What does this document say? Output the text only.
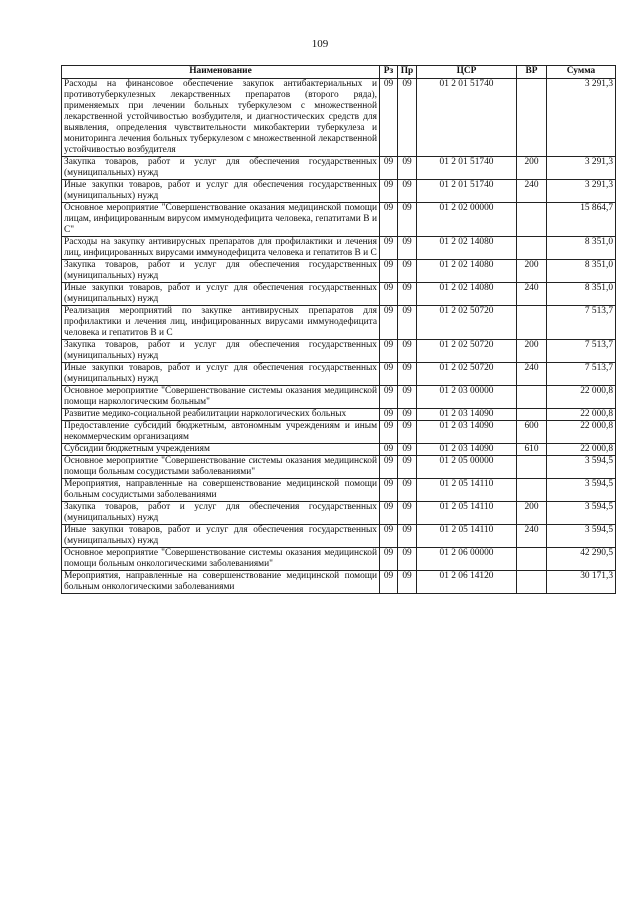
109
Наименование	Рз	Пр	ЦСР	ВР	Сумма
Расходы на финансовое обеспечение закупок антибактериальных и противотуберкулезных лекарственных препаратов (второго ряда), применяемых при лечении больных туберкулезом с множественной лекарственной устойчивостью возбудителя, и диагностических средств для выявления, определения чувствительности микобактерии туберкулеза и мониторинга лечения больных туберкулезом с множественной лекарственной устойчивостью возбудителя	09	09	01 2 01 51740		3 291,3
Закупка товаров, работ и услуг для обеспечения государственных (муниципальных) нужд	09	09	01 2 01 51740	200	3 291,3
Иные закупки товаров, работ и услуг для обеспечения государственных (муниципальных) нужд	09	09	01 2 01 51740	240	3 291,3
Основное мероприятие "Совершенствование оказания медицинской помощи лицам, инфицированным вирусом иммунодефицита человека, гепатитами B и C"	09	09	01 2 02 00000		15 864,7
Расходы на закупку антивирусных препаратов для профилактики и лечения лиц, инфицированных вирусами иммунодефицита человека и гепатитов B и C	09	09	01 2 02 14080		8 351,0
Закупка товаров, работ и услуг для обеспечения государственных (муниципальных) нужд	09	09	01 2 02 14080	200	8 351,0
Иные закупки товаров, работ и услуг для обеспечения государственных (муниципальных) нужд	09	09	01 2 02 14080	240	8 351,0
Реализация мероприятий по закупке антивирусных препаратов для профилактики и лечения лиц, инфицированных вирусами иммунодефицита человека и гепатитов B и C	09	09	01 2 02 50720		7 513,7
Закупка товаров, работ и услуг для обеспечения государственных (муниципальных) нужд	09	09	01 2 02 50720	200	7 513,7
Иные закупки товаров, работ и услуг для обеспечения государственных (муниципальных) нужд	09	09	01 2 02 50720	240	7 513,7
Основное мероприятие "Совершенствование системы оказания медицинской помощи наркологическим больным"	09	09	01 2 03 00000		22 000,8
Развитие медико-социальной реабилитации наркологических больных	09	09	01 2 03 14090		22 000,8
Предоставление субсидий бюджетным, автономным учреждениям и иным некоммерческим организациям	09	09	01 2 03 14090	600	22 000,8
Субсидии бюджетным учреждениям	09	09	01 2 03 14090	610	22 000,8
Основное мероприятие "Совершенствование системы оказания медицинской помощи больным сосудистыми заболеваниями"	09	09	01 2 05 00000		3 594,5
Мероприятия, направленные на совершенствование медицинской помощи больным сосудистыми заболеваниями	09	09	01 2 05 14110		3 594,5
Закупка товаров, работ и услуг для обеспечения государственных (муниципальных) нужд	09	09	01 2 05 14110	200	3 594,5
Иные закупки товаров, работ и услуг для обеспечения государственных (муниципальных) нужд	09	09	01 2 05 14110	240	3 594,5
Основное мероприятие "Совершенствование системы оказания медицинской помощи больным онкологическими заболеваниями"	09	09	01 2 06 00000		42 290,5
Мероприятия, направленные на совершенствование медицинской помощи больным онкологическими заболеваниями	09	09	01 2 06 14120		30 171,3
